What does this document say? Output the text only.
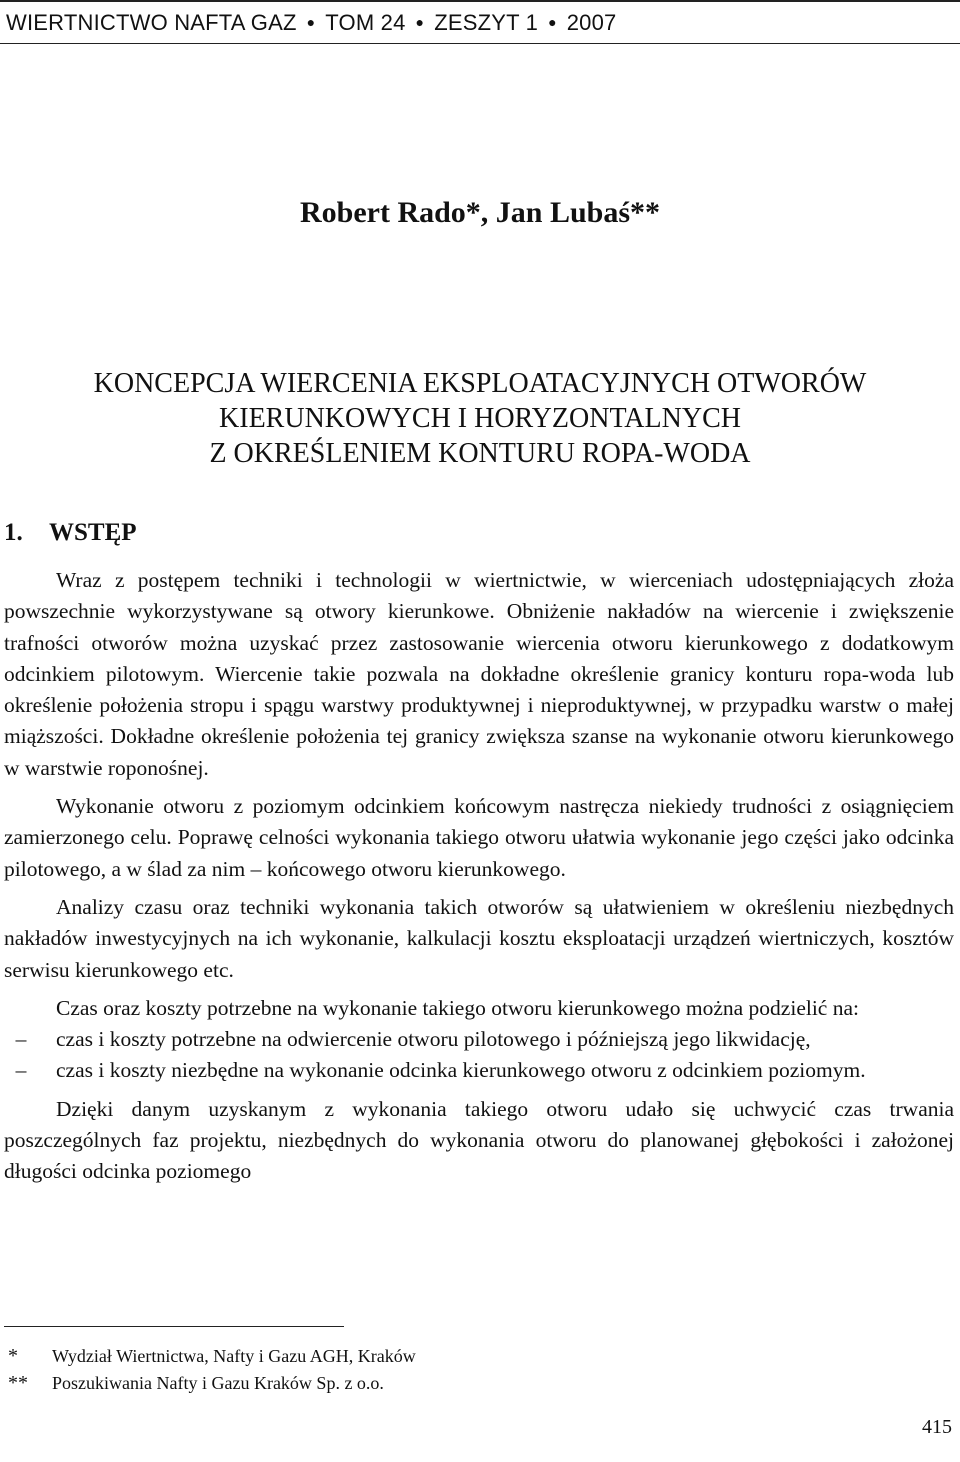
WIERTNICTWO NAFTA GAZ ● TOM 24 ● ZESZYT 1 ● 2007
Robert Rado*, Jan Lubaś**
KONCEPCJA WIERCENIA EKSPLOATACYJNYCH OTWORÓW
KIERUNKOWYCH I HORYZONTALNYCH
Z OKREŚLENIEM KONTURU ROPA-WODA
1. WSTĘP

Wraz z postępem techniki i technologii w wiertnictwie, w wierceniach udostępniających złoża powszechnie wykorzystywane są otwory kierunkowe. Obniżenie nakładów na wiercenie i zwiększenie trafności otworów można uzyskać przez zastosowanie wiercenia otworu kierunkowego z dodatkowym odcinkiem pilotowym. Wiercenie takie pozwala na dokładne określenie granicy konturu ropa-woda lub określenie położenia stropu i spągu warstwy produktywnej i nieproduktywnej, w przypadku warstw o małej miąższości. Dokładne określenie położenia tej granicy zwiększa szanse na wykonanie otworu kierunkowego w warstwie roponośnej.

Wykonanie otworu z poziomym odcinkiem końcowym nastręcza niekiedy trudności z osiągnięciem zamierzonego celu. Poprawę celności wykonania takiego otworu ułatwia wykonanie jego części jako odcinka pilotowego, a w ślad za nim – końcowego otworu kierunkowego.

Analizy czasu oraz techniki wykonania takich otworów są ułatwieniem w określeniu niezbędnych nakładów inwestycyjnych na ich wykonanie, kalkulacji kosztu eksploatacji urządzeń wiertniczych, kosztów serwisu kierunkowego etc.

Czas oraz koszty potrzebne na wykonanie takiego otworu kierunkowego można podzielić na:

–	czas i koszty potrzebne na odwiercenie otworu pilotowego i późniejszą jego likwidację,
–	czas i koszty niezbędne na wykonanie odcinka kierunkowego otworu z odcinkiem poziomym.

Dzięki danym uzyskanym z wykonania takiego otworu udało się uchwycić czas trwania poszczególnych faz projektu, niezbędnych do wykonania otworu do planowanej głębokości i założonej długości odcinka poziomego

*	Wydział Wiertnictwa, Nafty i Gazu AGH, Kraków
**	Poszukiwania Nafty i Gazu Kraków Sp. z o.o.
415
